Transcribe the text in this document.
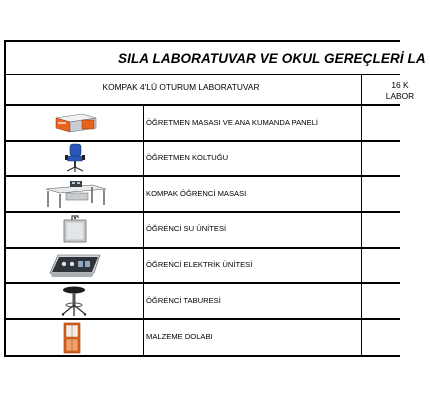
SILA LABORATUVAR VE OKUL GEREÇLERİ LA
KOMPAK 4'LÜ OTURUM LABORATUVAR	16 K
LABOR
ÖĞRETMEN MASASI VE ANA KUMANDA PANELİ
ÖĞRETMEN KOLTUĞU
KOMPAK ÖĞRENCİ MASASI
ÖĞRENCİ SU ÜNİTESİ
ÖĞRENCİ ELEKTRİK ÜNİTESİ
ÖĞRENCİ TABURESİ
MALZEME DOLABI
